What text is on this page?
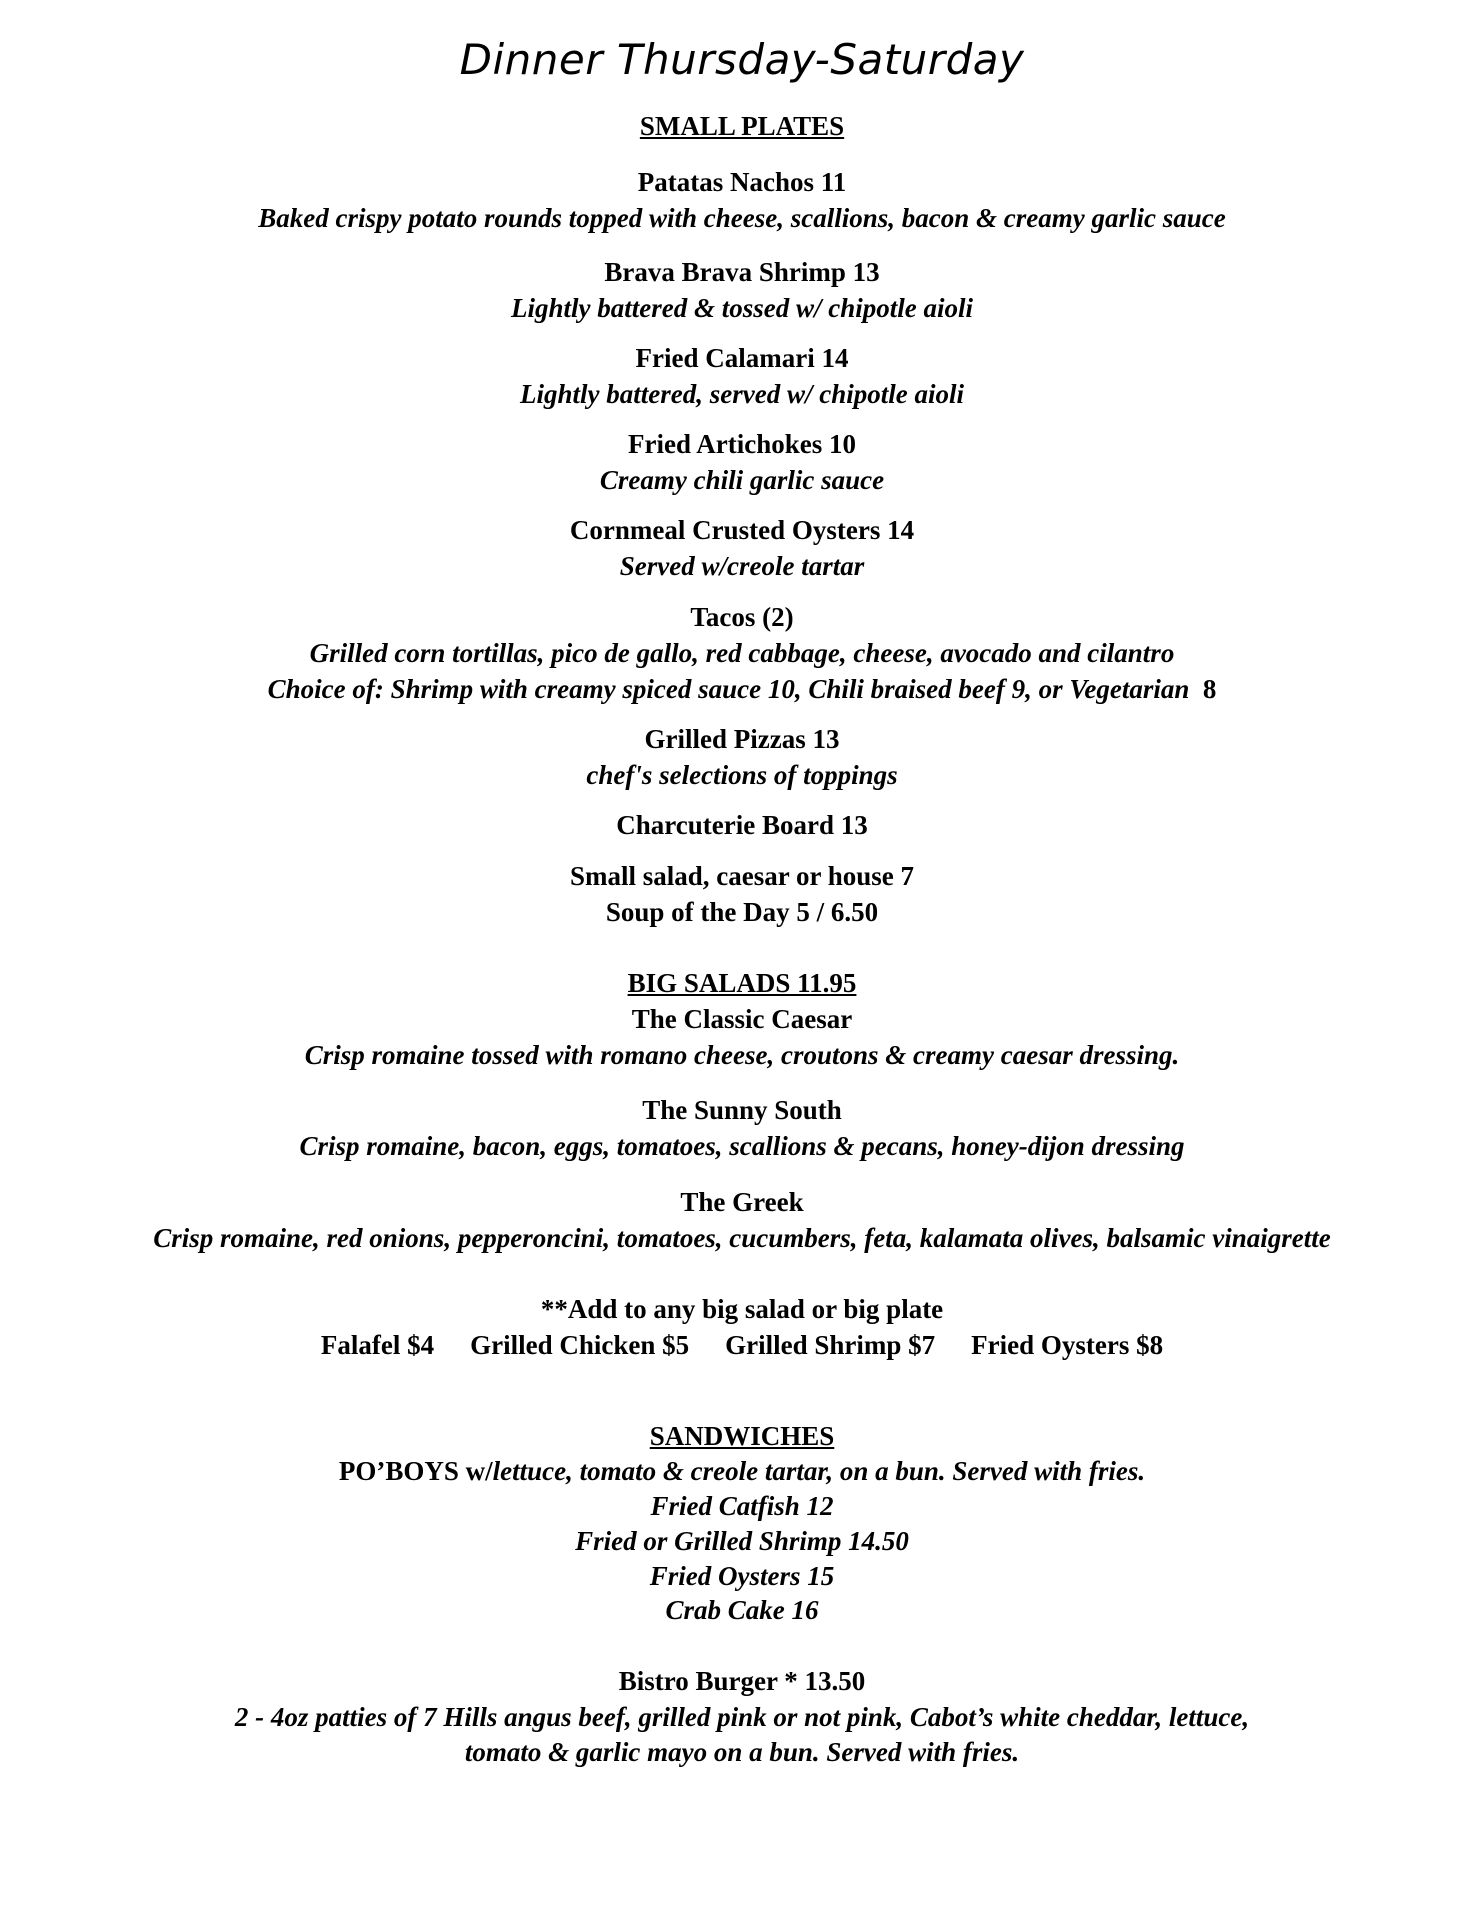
Dinner Thursday-Saturday
SMALL PLATES
Patatas Nachos 11
Baked crispy potato rounds topped with cheese, scallions, bacon & creamy garlic sauce
Brava Brava Shrimp 13
Lightly battered & tossed w/ chipotle aioli
Fried Calamari 14
Lightly battered, served w/ chipotle aioli
Fried Artichokes 10
Creamy chili garlic sauce
Cornmeal Crusted Oysters 14
Served w/creole tartar
Tacos (2)
Grilled corn tortillas, pico de gallo, red cabbage, cheese, avocado and cilantro
Choice of: Shrimp with creamy spiced sauce 10, Chili braised beef 9, or Vegetarian 8
Grilled Pizzas 13
chef's selections of toppings
Charcuterie Board 13
Small salad, caesar or house 7
Soup of the Day 5 / 6.50
BIG SALADS 11.95
The Classic Caesar
Crisp romaine tossed with romano cheese, croutons & creamy caesar dressing.
The Sunny South
Crisp romaine, bacon, eggs, tomatoes, scallions & pecans, honey-dijon dressing
The Greek
Crisp romaine, red onions, pepperoncini, tomatoes, cucumbers, feta, kalamata olives, balsamic vinaigrette
**Add to any big salad or big plate
Falafel $4 Grilled Chicken $5 Grilled Shrimp $7 Fried Oysters $8
SANDWICHES
PO’BOYS w/lettuce, tomato & creole tartar, on a bun. Served with fries.
Fried Catfish 12
Fried or Grilled Shrimp 14.50
Fried Oysters 15
Crab Cake 16
Bistro Burger * 13.50
2 - 4oz patties of 7 Hills angus beef, grilled pink or not pink, Cabot’s white cheddar, lettuce,
tomato & garlic mayo on a bun. Served with fries.
